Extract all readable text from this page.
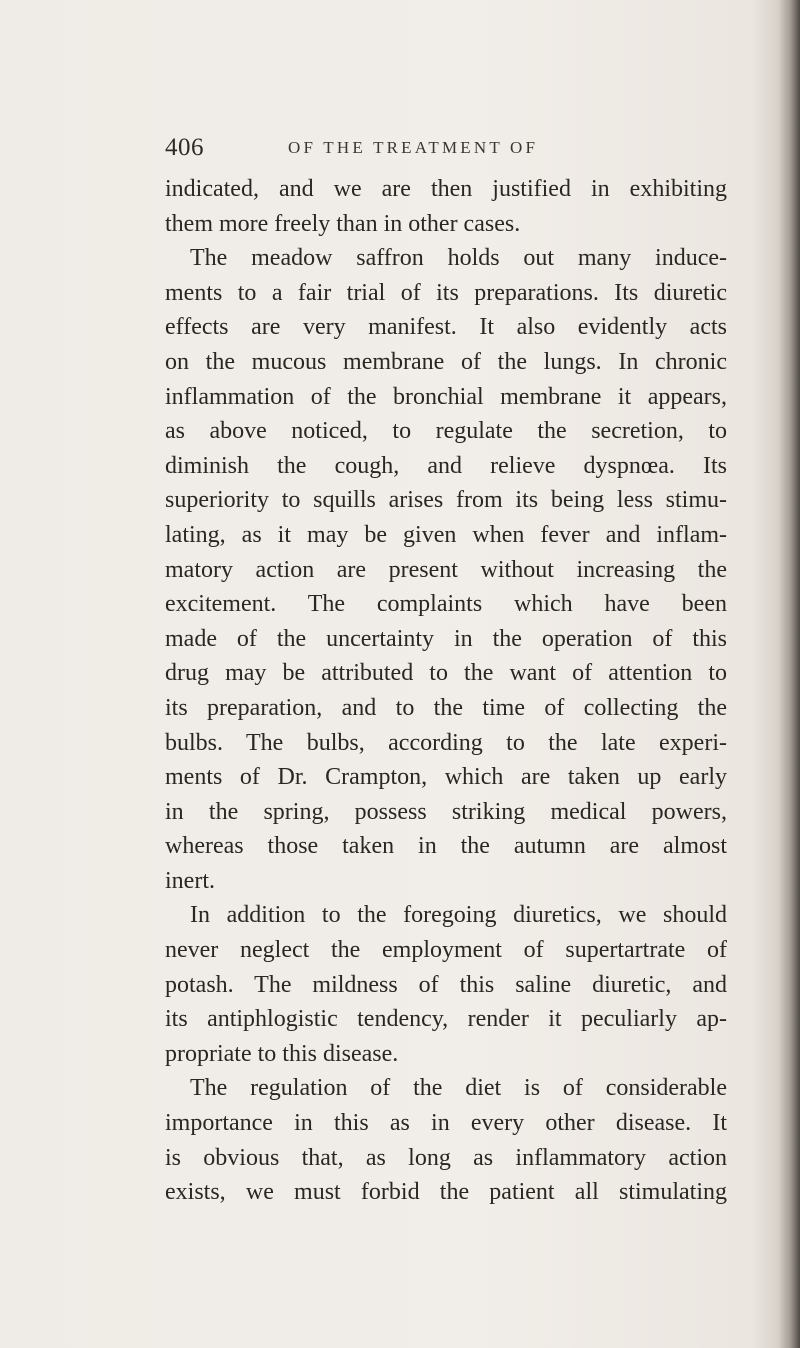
406	OF THE TREATMENT OF
indicated, and we are then justified in exhibiting
them more freely than in other cases.
The meadow saffron holds out many induce-
ments to a fair trial of its preparations. Its diuretic
effects are very manifest. It also evidently acts
on the mucous membrane of the lungs. In chronic
inflammation of the bronchial membrane it appears,
as above noticed, to regulate the secretion, to
diminish the cough, and relieve dyspnœa. Its
superiority to squills arises from its being less stimu-
lating, as it may be given when fever and inflam-
matory action are present without increasing the
excitement. The complaints which have been
made of the uncertainty in the operation of this
drug may be attributed to the want of attention to
its preparation, and to the time of collecting the
bulbs. The bulbs, according to the late experi-
ments of Dr. Crampton, which are taken up early
in the spring, possess striking medical powers,
whereas those taken in the autumn are almost
inert.
In addition to the foregoing diuretics, we should
never neglect the employment of supertartrate of
potash. The mildness of this saline diuretic, and
its antiphlogistic tendency, render it peculiarly ap-
propriate to this disease.
The regulation of the diet is of considerable
importance in this as in every other disease. It
is obvious that, as long as inflammatory action
exists, we must forbid the patient all stimulating
